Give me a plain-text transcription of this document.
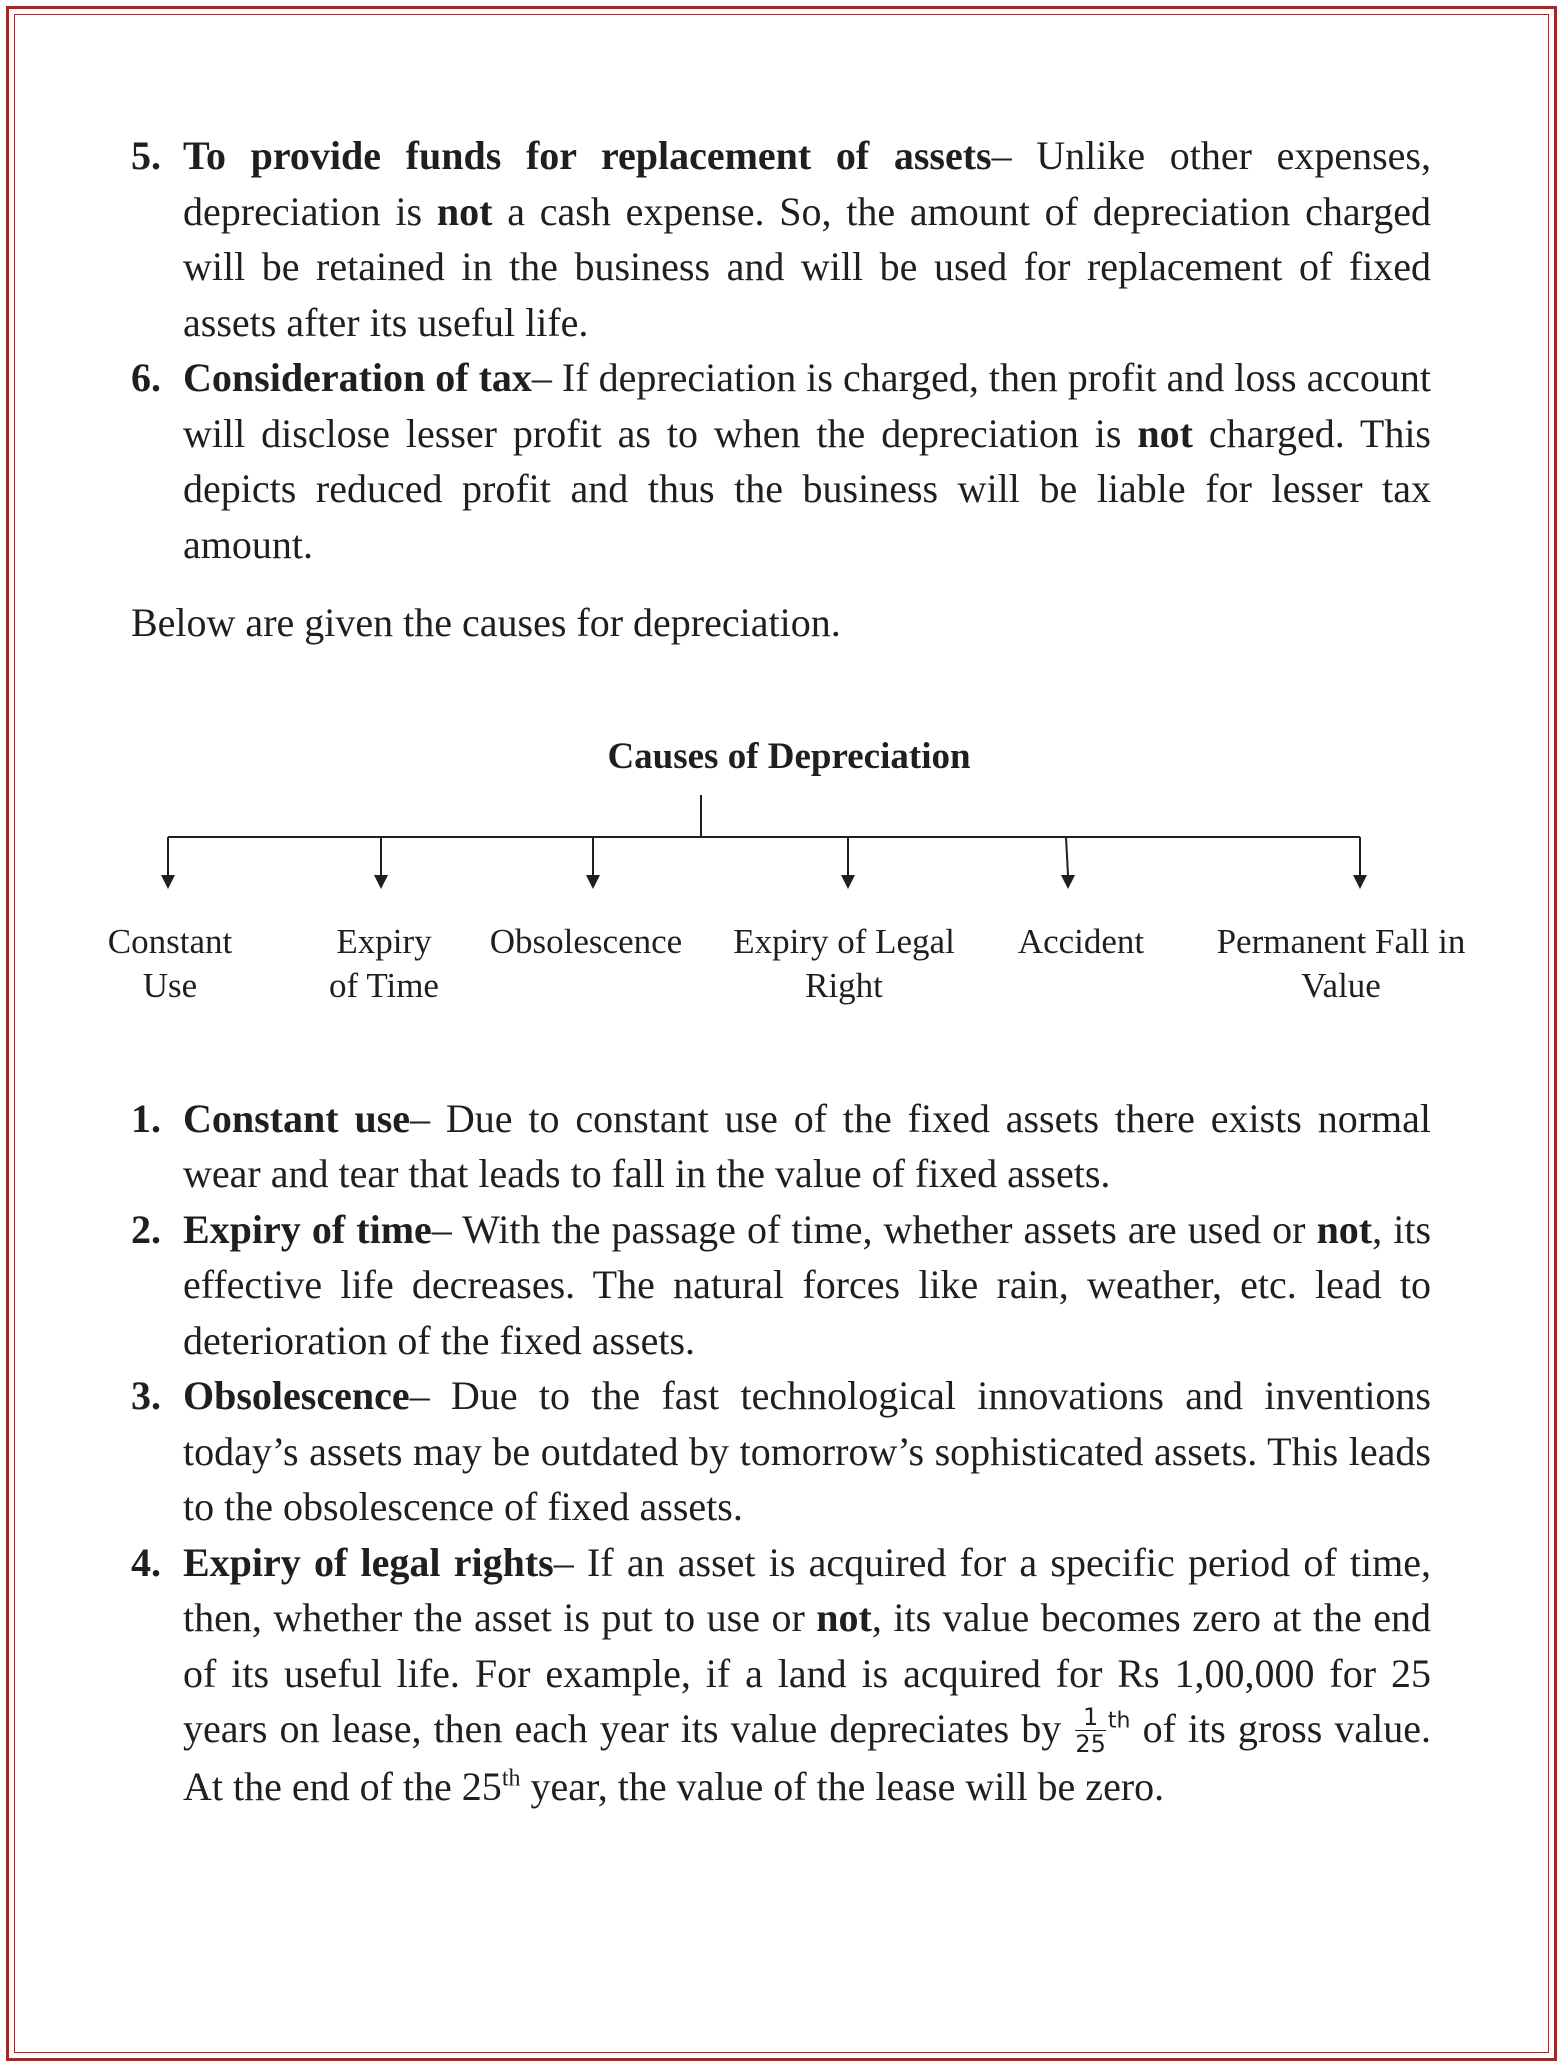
5. To provide funds for replacement of assets– Unlike other expenses, depreciation is not a cash expense. So, the amount of depreciation charged will be retained in the business and will be used for replacement of fixed assets after its useful life.
6. Consideration of tax– If depreciation is charged, then profit and loss account will disclose lesser profit as to when the depreciation is not charged. This depicts reduced profit and thus the business will be liable for lesser tax amount.

Below are given the causes for depreciation.

Causes of Depreciation
Constant
Use
Expiry
of Time
Obsolescence	Expiry of Legal
Right
Accident	Permanent Fall in
Value
1. Constant use– Due to constant use of the fixed assets there exists normal wear and tear that leads to fall in the value of fixed assets.
2. Expiry of time– With the passage of time, whether assets are used or not, its effective life decreases. The natural forces like rain, weather, etc. lead to deterioration of the fixed assets.
3. Obsolescence– Due to the fast technological innovations and inventions today’s assets may be outdated by tomorrow’s sophisticated assets. This leads to the obsolescence of fixed assets.
4. Expiry of legal rights– If an asset is acquired for a specific period of time, then, whether the asset is put to use or not, its value becomes zero at the end of its useful life. For example, if a land is acquired for Rs 1,00,000 for 25 years on lease, then each year its value depreciates by $\frac{1}{25} ^{th}$ of its gross value. At the end of the 25th year, the value of the lease will be zero.
